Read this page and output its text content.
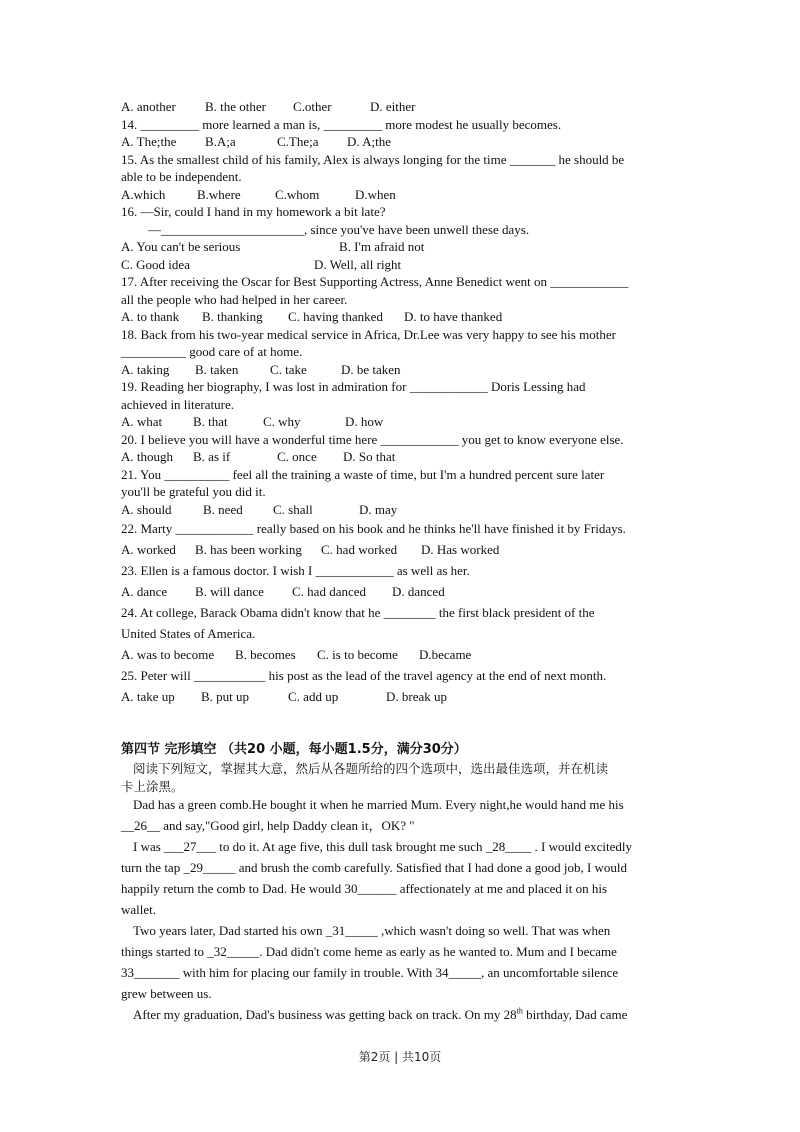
A. another B. the other C.other	D. either
14. _________ more learned a man is, _________ more modest he usually becomes.
A. The;the B.A;a	C.The;a D. A;the
15. As the smallest child of his family, Alex is always longing for the time _______ he should be
able to be independent.
A.which B.where	C.whom	D.when
16. —Sir, could I hand in my homework a bit late?
—______________________, since you've have been unwell these days.
A. You can't be serious	B. I'm afraid not
C. Good idea	D. Well, all right
17. After receiving the Oscar for Best Supporting Actress, Anne Benedict went on ____________
all the people who had helped in her career.
A. to thank B. thanking C. having thanked D. to have thanked
18. Back from his two-year medical service in Africa, Dr.Lee was very happy to see his mother
__________ good care of at home.
A. taking B. taken C. take	D. be taken
19. Reading her biography, I was lost in admiration for ____________ Doris Lessing had
achieved in literature.
A. what B. that	C. why	D. how
20. I believe you will have a wonderful time here ____________ you get to know everyone else.
A. though B. as if	C. once D. So that
21. You __________ feel all the training a waste of time, but I'm a hundred percent sure later
you'll be grateful you did it.
A. should B. need C. shall	D. may
22. Marty ____________ really based on his book and he thinks he'll have finished it by Fridays.
A. worked B. has been working C. had worked D. Has worked
23. Ellen is a famous doctor. I wish I ____________ as well as her.
A. dance B. will dance C. had danced D. danced
24. At college, Barack Obama didn't know that he ________ the first black president of the
United States of America.
A. was to become B. becomes C. is to become D.became
25. Peter will ___________ his post as the lead of the travel agency at the end of next month.
A. take up B. put up	C. add up	D. break up
第四节 完形填空 （共20 小题，每小题1.5分，满分30分）
阅读下列短文，掌握其大意，然后从各题所给的四个选项中，选出最佳选项，并在机读
卡上涂黑。
Dad has a green comb.He bought it when he married Mum. Every night,he would hand me his
__26__ and say,"Good girl, help Daddy clean it，OK? "
I was ___27___ to do it. At age five, this dull task brought me such _28____ . I would excitedly
turn the tap _29_____ and brush the comb carefully. Satisfied that I had done a good job, I would
happily return the comb to Dad. He would 30______ affectionately at me and placed it on his
wallet.
Two years later, Dad started his own _31_____ ,which wasn't doing so well. That was when
things started to _32_____. Dad didn't come heme as early as he wanted to. Mum and I became
33_______ with him for placing our family in trouble. With 34_____, an uncomfortable silence
grew between us.
After my graduation, Dad's business was getting back on track. On my 28th birthday, Dad came
第2页 | 共10页
